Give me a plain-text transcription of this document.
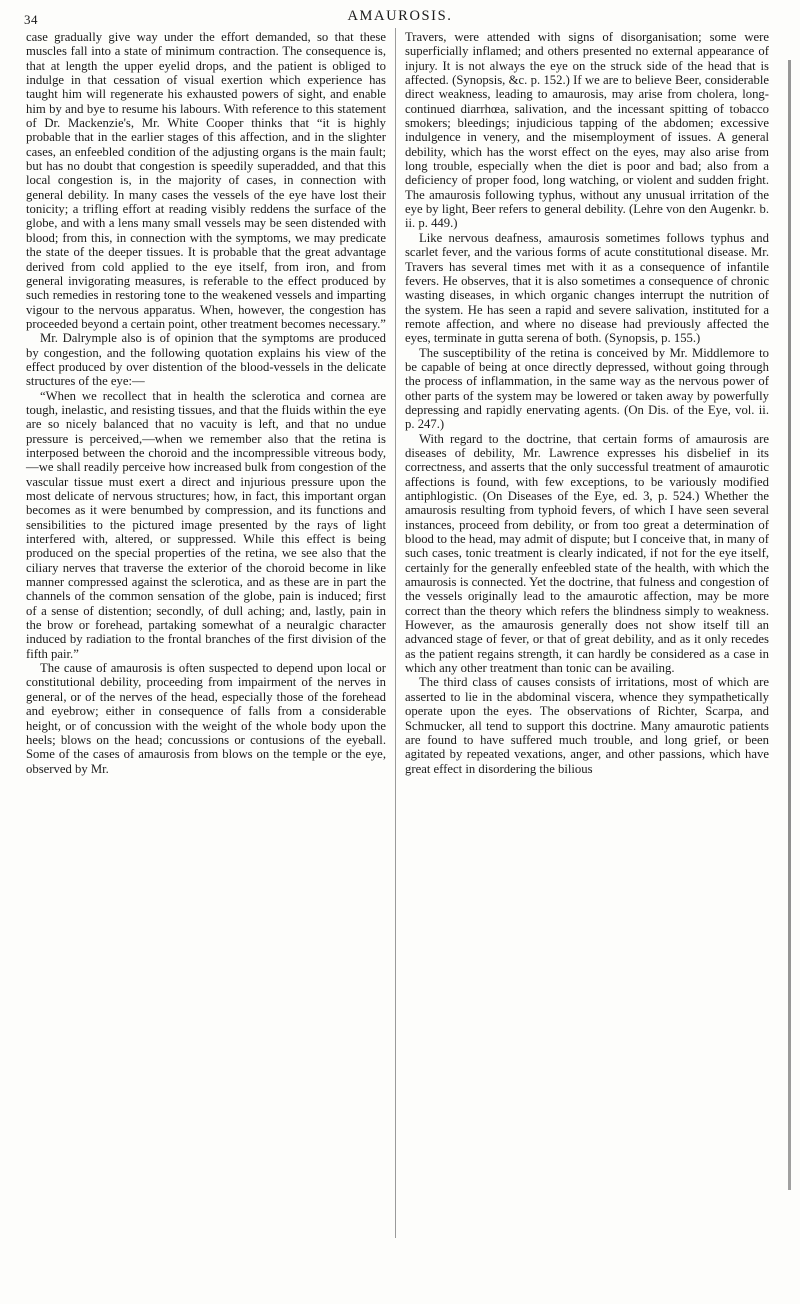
34	AMAUROSIS.

case gradually give way under the effort demanded, so that these muscles fall into a state of minimum contraction. The consequence is, that at length the upper eyelid drops, and the patient is obliged to indulge in that cessation of visual exertion which experience has taught him will regenerate his exhausted powers of sight, and enable him by and bye to resume his labours. With reference to this statement of Dr. Mackenzie's, Mr. White Cooper thinks that “it is highly probable that in the earlier stages of this affection, and in the slighter cases, an enfeebled condition of the adjusting organs is the main fault; but has no doubt that congestion is speedily superadded, and that this local congestion is, in the majority of cases, in connection with general debility. In many cases the vessels of the eye have lost their tonicity; a trifling effort at reading visibly reddens the surface of the globe, and with a lens many small vessels may be seen distended with blood; from this, in connection with the symptoms, we may predicate the state of the deeper tissues. It is probable that the great advantage derived from cold applied to the eye itself, from iron, and from general invigorating measures, is referable to the effect produced by such remedies in restoring tone to the weakened vessels and imparting vigour to the nervous apparatus. When, however, the congestion has proceeded beyond a certain point, other treatment becomes necessary.”

Mr. Dalrymple also is of opinion that the symptoms are produced by congestion, and the following quotation explains his view of the effect produced by over distention of the blood-vessels in the delicate structures of the eye:—

“When we recollect that in health the sclerotica and cornea are tough, inelastic, and resisting tissues, and that the fluids within the eye are so nicely balanced that no vacuity is left, and that no undue pressure is perceived,—when we remember also that the retina is interposed between the choroid and the incompressible vitreous body, —we shall readily perceive how increased bulk from congestion of the vascular tissue must exert a direct and injurious pressure upon the most delicate of nervous structures; how, in fact, this important organ becomes as it were benumbed by compression, and its functions and sensibilities to the pictured image presented by the rays of light interfered with, altered, or suppressed. While this effect is being produced on the special properties of the retina, we see also that the ciliary nerves that traverse the exterior of the choroid become in like manner compressed against the sclerotica, and as these are in part the channels of the common sensation of the globe, pain is induced; first of a sense of distention; secondly, of dull aching; and, lastly, pain in the brow or forehead, partaking somewhat of a neuralgic character induced by radiation to the frontal branches of the first division of the fifth pair.”

The cause of amaurosis is often suspected to depend upon local or constitutional debility, proceeding from impairment of the nerves in general, or of the nerves of the head, especially those of the forehead and eyebrow; either in consequence of falls from a considerable height, or of concussion with the weight of the whole body upon the heels; blows on the head; concussions or contusions of the eyeball. Some of the cases of amaurosis from blows on the temple or the eye, observed by Mr.

Travers, were attended with signs of disorganisation; some were superficially inflamed; and others presented no external appearance of injury. It is not always the eye on the struck side of the head that is affected. (Synopsis, &c. p. 152.) If we are to believe Beer, considerable direct weakness, leading to amaurosis, may arise from cholera, long-continued diarrhœa, salivation, and the incessant spitting of tobacco smokers; bleedings; injudicious tapping of the abdomen; excessive indulgence in venery, and the misemployment of issues. A general debility, which has the worst effect on the eyes, may also arise from long trouble, especially when the diet is poor and bad; also from a deficiency of proper food, long watching, or violent and sudden fright. The amaurosis following typhus, without any unusual irritation of the eye by light, Beer refers to general debility. (Lehre von den Augenkr. b. ii. p. 449.)

Like nervous deafness, amaurosis sometimes follows typhus and scarlet fever, and the various forms of acute constitutional disease. Mr. Travers has several times met with it as a consequence of infantile fevers. He observes, that it is also sometimes a consequence of chronic wasting diseases, in which organic changes interrupt the nutrition of the system. He has seen a rapid and severe salivation, instituted for a remote affection, and where no disease had previously affected the eyes, terminate in gutta serena of both. (Synopsis, p. 155.)

The susceptibility of the retina is conceived by Mr. Middlemore to be capable of being at once directly depressed, without going through the process of inflammation, in the same way as the nervous power of other parts of the system may be lowered or taken away by powerfully depressing and rapidly enervating agents. (On Dis. of the Eye, vol. ii. p. 247.)

With regard to the doctrine, that certain forms of amaurosis are diseases of debility, Mr. Lawrence expresses his disbelief in its correctness, and asserts that the only successful treatment of amaurotic affections is found, with few exceptions, to be variously modified antiphlogistic. (On Diseases of the Eye, ed. 3, p. 524.) Whether the amaurosis resulting from typhoid fevers, of which I have seen several instances, proceed from debility, or from too great a determination of blood to the head, may admit of dispute; but I conceive that, in many of such cases, tonic treatment is clearly indicated, if not for the eye itself, certainly for the generally enfeebled state of the health, with which the amaurosis is connected. Yet the doctrine, that fulness and congestion of the vessels originally lead to the amaurotic affection, may be more correct than the theory which refers the blindness simply to weakness. However, as the amaurosis generally does not show itself till an advanced stage of fever, or that of great debility, and as it only recedes as the patient regains strength, it can hardly be considered as a case in which any other treatment than tonic can be availing.

The third class of causes consists of irritations, most of which are asserted to lie in the abdominal viscera, whence they sympathetically operate upon the eyes. The observations of Richter, Scarpa, and Schmucker, all tend to support this doctrine. Many amaurotic patients are found to have suffered much trouble, and long grief, or been agitated by repeated vexations, anger, and other passions, which have great effect in disordering the bilious
